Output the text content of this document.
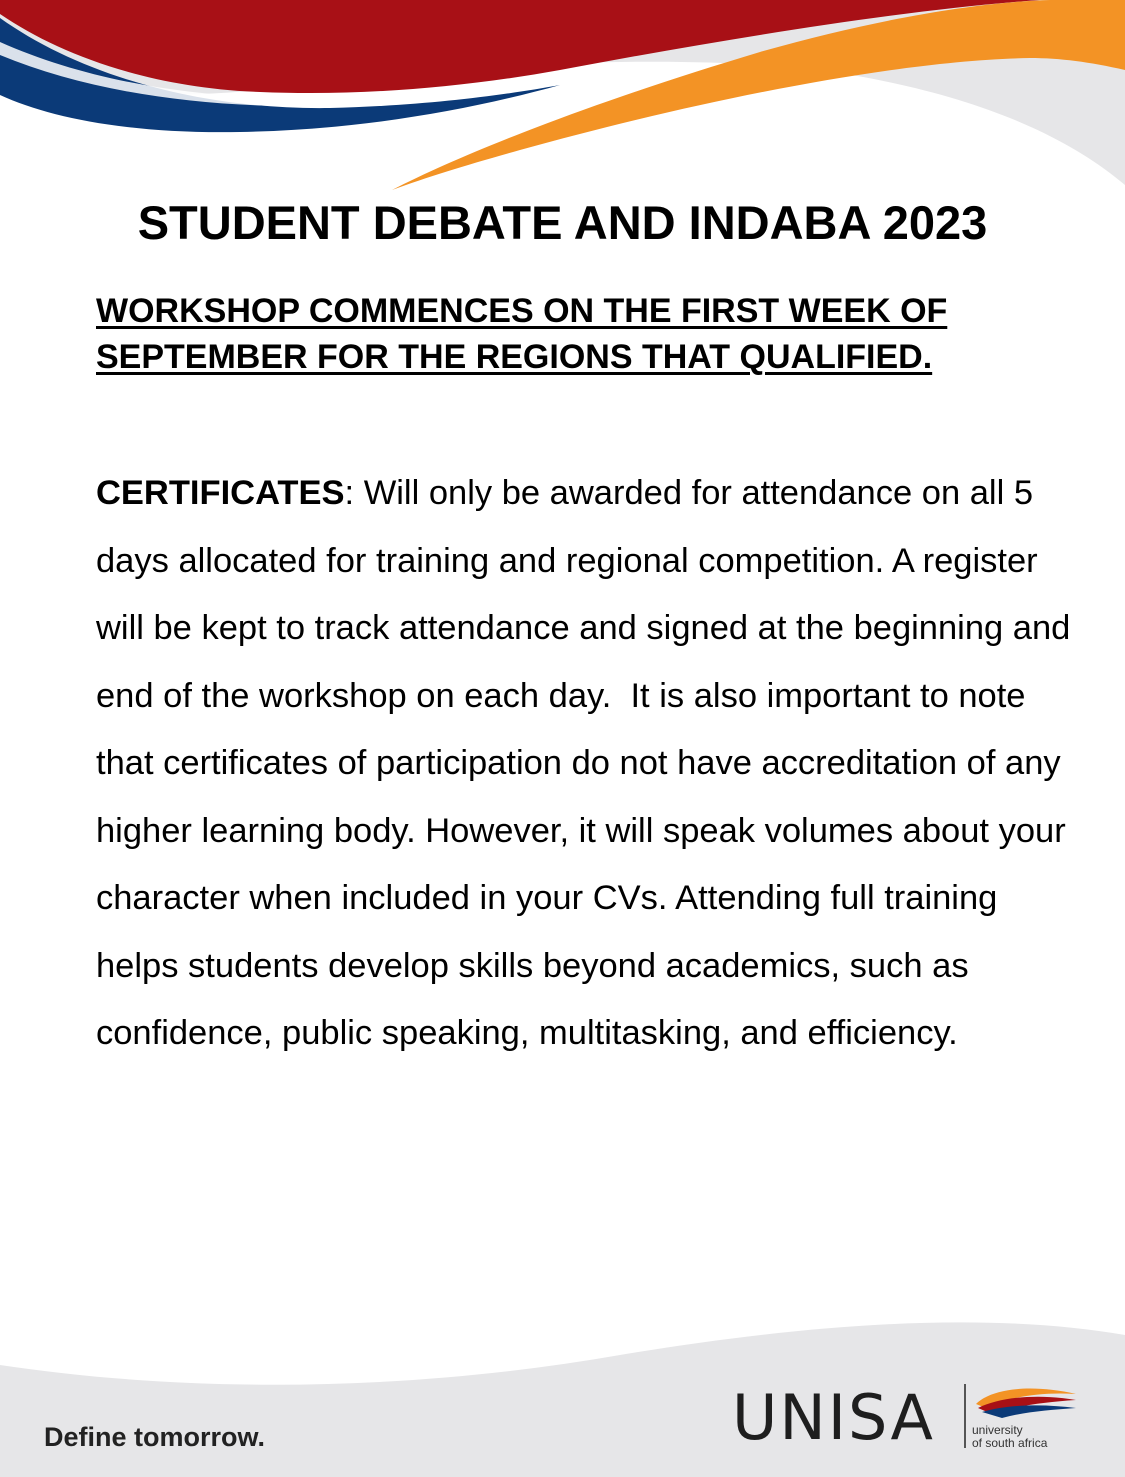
STUDENT DEBATE AND INDABA 2023
WORKSHOP COMMENCES ON THE FIRST WEEK OF
SEPTEMBER FOR THE REGIONS THAT QUALIFIED.
CERTIFICATES: Will only be awarded for attendance on all 5 days allocated for training and regional competition. A register will be kept to track attendance and signed at the beginning and end of the workshop on each day.  It is also important to note that certificates of participation do not have accreditation of any higher learning body. However, it will speak volumes about your character when included in your CVs. Attending full training helps students develop skills beyond academics, such as confidence, public speaking, multitasking, and efficiency.
Define tomorrow.	UNISA	university
of south africa
